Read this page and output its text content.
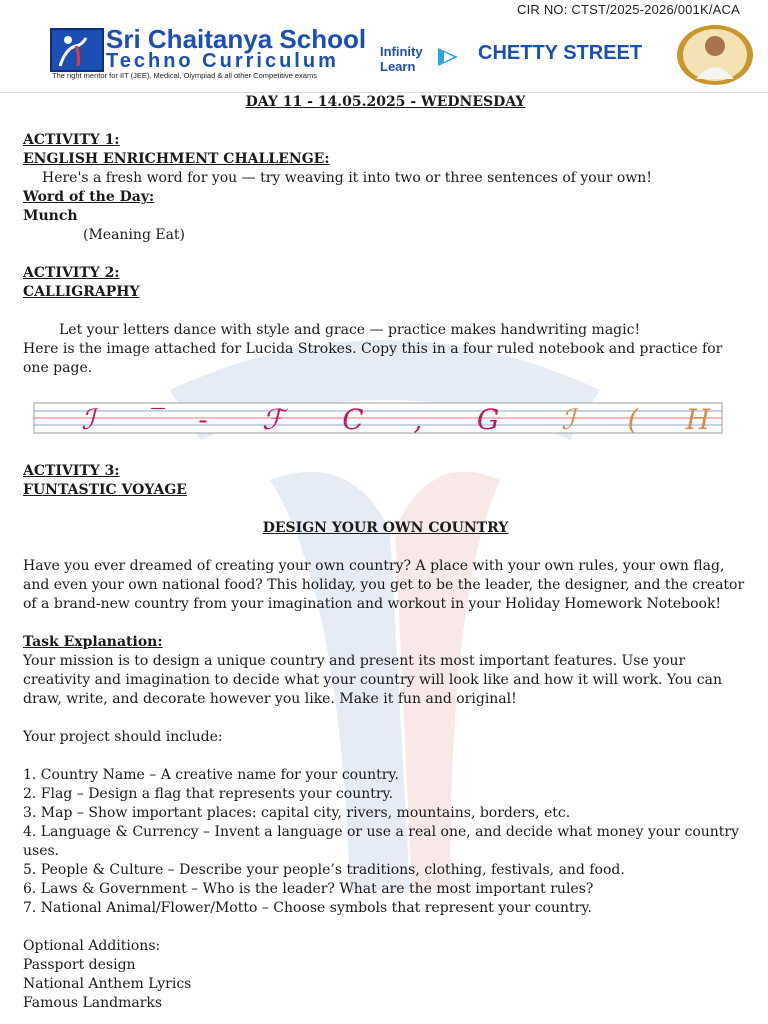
CIR NO: CTST/2025-2026/001K/ACA
Sri Chaitanya School
Techno Curriculum
The right mentor for IIT (JEE), Medical, Olympiad & all other Competitive exams
Infinity
Learn
CHETTY STREET

DAY 11 - 14.05.2025 - WEDNESDAY

ACTIVITY 1:

ENGLISH ENRICHMENT CHALLENGE:

Here's a fresh word for you — try weaving it into two or three sentences of your own!

Word of the Day:

Munch

(Meaning Eat)

ACTIVITY 2:

CALLIGRAPHY

Let your letters dance with style and grace — practice makes handwriting magic!

Here is the image attached for Lucida Strokes. Copy this in a four ruled notebook and practice for one page.

ℐ ‾ - ℱ C , G ℐ ( H

ACTIVITY 3:

FUNTASTIC VOYAGE

DESIGN YOUR OWN COUNTRY

Have you ever dreamed of creating your own country? A place with your own rules, your own flag, and even your own national food? This holiday, you get to be the leader, the designer, and the creator of a brand-new country from your imagination and workout in your Holiday Homework Notebook!

Task Explanation:

Your mission is to design a unique country and present its most important features. Use your creativity and imagination to decide what your country will look like and how it will work. You can draw, write, and decorate however you like. Make it fun and original!

Your project should include:

1. Country Name – A creative name for your country.

2. Flag – Design a flag that represents your country.

3. Map – Show important places: capital city, rivers, mountains, borders, etc.

4. Language & Currency – Invent a language or use a real one, and decide what money your country uses.

5. People & Culture – Describe your people’s traditions, clothing, festivals, and food.

6. Laws & Government – Who is the leader? What are the most important rules?

7. National Animal/Flower/Motto – Choose symbols that represent your country.

Optional Additions:

Passport design

National Anthem Lyrics

Famous Landmarks
